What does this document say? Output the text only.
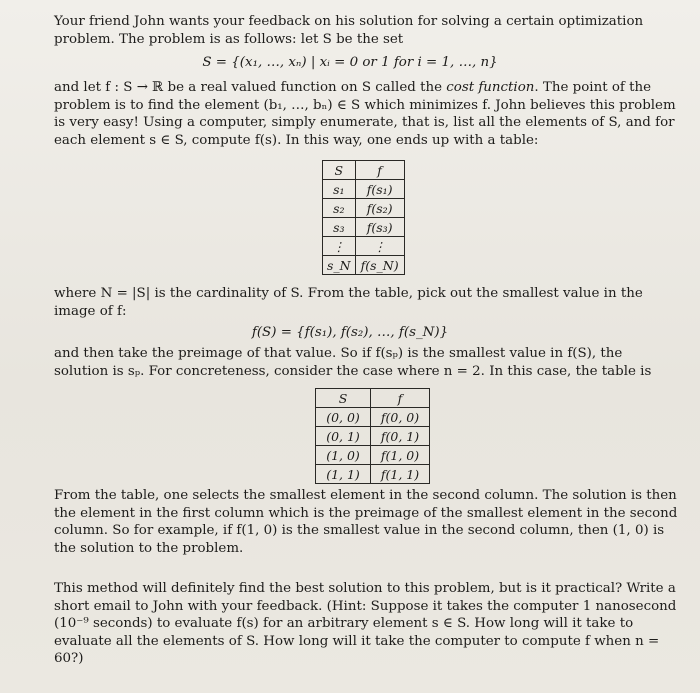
Your friend John wants your feedback on his solution for solving a certain optimization problem. The problem is as follows: let S be the set

S = {(x₁, …, xₙ) | xᵢ = 0 or 1 for i = 1, …, n}

and let f : S → ℝ be a real valued function on S called the cost function. The point of the problem is to find the element (b₁, …, bₙ) ∈ S which minimizes f. John believes this problem is very easy! Using a computer, simply enumerate, that is, list all the elements of S, and for each element s ∈ S, compute f(s). In this way, one ends up with a table:

S	f
s₁	f(s₁)
s₂	f(s₂)
s₃	f(s₃)
⋮	⋮
s_N	f(s_N)

where N = |S| is the cardinality of S. From the table, pick out the smallest value in the image of f:

f(S) = {f(s₁), f(s₂), …, f(s_N)}

and then take the preimage of that value. So if f(sₚ) is the smallest value in f(S), the solution is sₚ. For concreteness, consider the case where n = 2. In this case, the table is

S	f
(0, 0)	f(0, 0)
(0, 1)	f(0, 1)
(1, 0)	f(1, 0)
(1, 1)	f(1, 1)

From the table, one selects the smallest element in the second column. The solution is then the element in the first column which is the preimage of the smallest element in the second column. So for example, if f(1, 0) is the smallest value in the second column, then (1, 0) is the solution to the problem.

This method will definitely find the best solution to this problem, but is it practical? Write a short email to John with your feedback. (Hint: Suppose it takes the computer 1 nanosecond (10⁻⁹ seconds) to evaluate f(s) for an arbitrary element s ∈ S. How long will it take to evaluate all the elements of S. How long will it take the computer to compute f when n = 60?)
